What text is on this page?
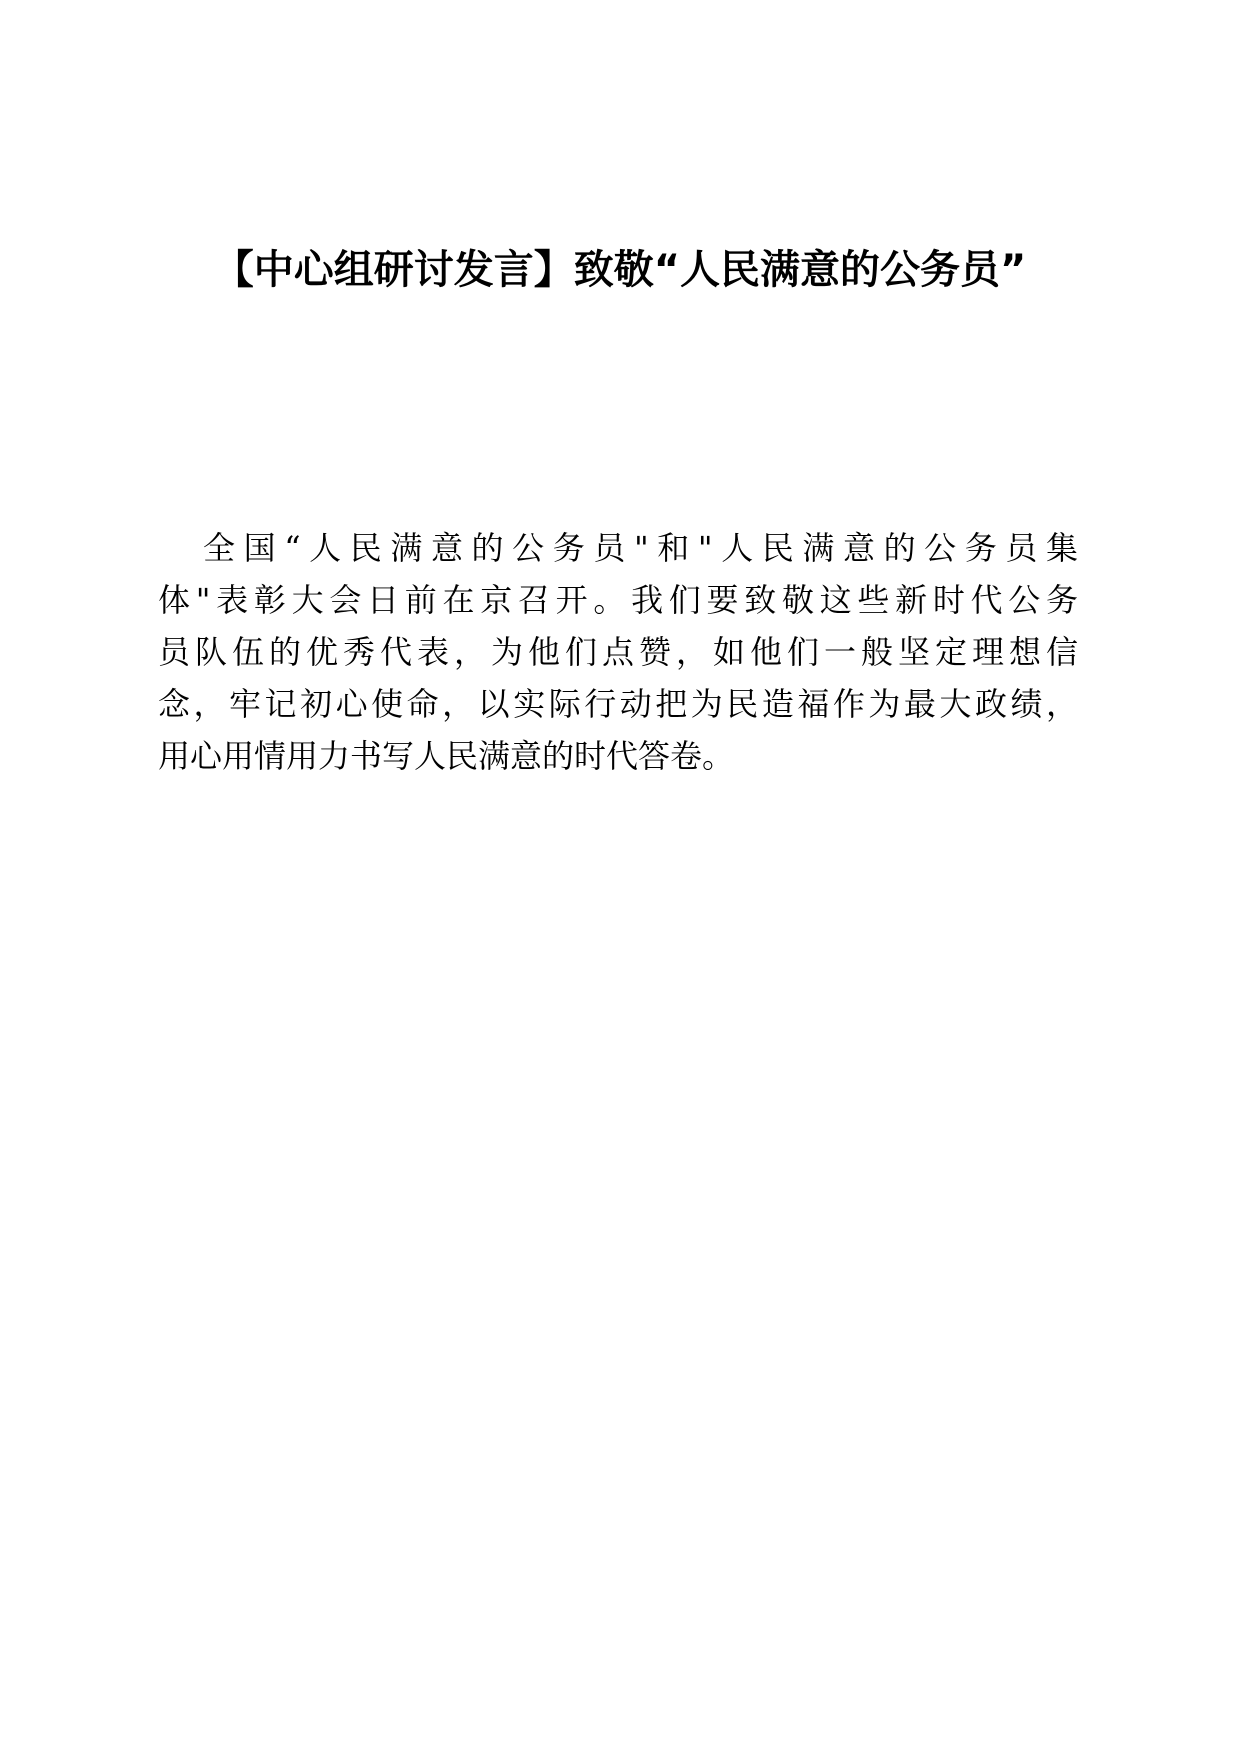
【中心组研讨发言】致敬“人民满意的公务员”

全国“人民满意的公务员"和"人民满意的公务员集
体"表彰大会日前在京召开。我们要致敬这些新时代公务
员队伍的优秀代表，为他们点赞，如他们一般坚定理想信
念，牢记初心使命，以实际行动把为民造福作为最大政绩，
用心用情用力书写人民满意的时代答卷。
